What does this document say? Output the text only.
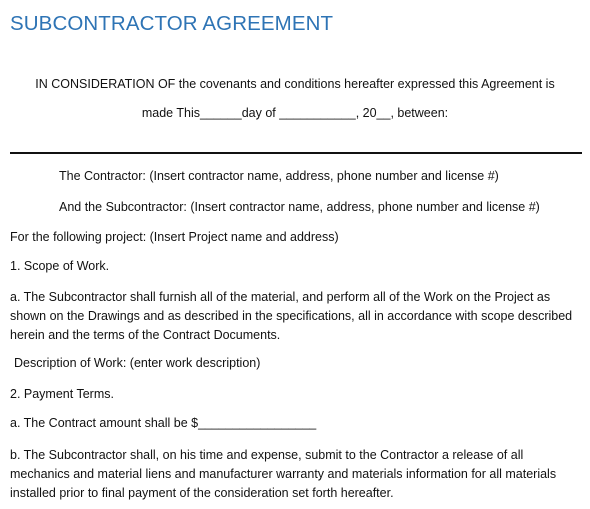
SUBCONTRACTOR AGREEMENT
IN CONSIDERATION OF the covenants and conditions hereafter expressed this Agreement is
made This______day of ___________, 20__, between:
The Contractor: (Insert contractor name, address, phone number and license #)
And the Subcontractor: (Insert contractor name, address, phone number and license #)
For the following project: (Insert Project name and address)
1. Scope of Work.
a. The Subcontractor shall furnish all of the material, and perform all of the Work on the Project as shown on the Drawings and as described in the specifications, all in accordance with scope described herein and the terms of the Contract Documents.
Description of Work: (enter work description)
2. Payment Terms.
a. The Contract amount shall be $_________________
b. The Subcontractor shall, on his time and expense, submit to the Contractor a release of all mechanics and material liens and manufacturer warranty and materials information for all materials installed prior to final payment of the consideration set forth hereafter.
